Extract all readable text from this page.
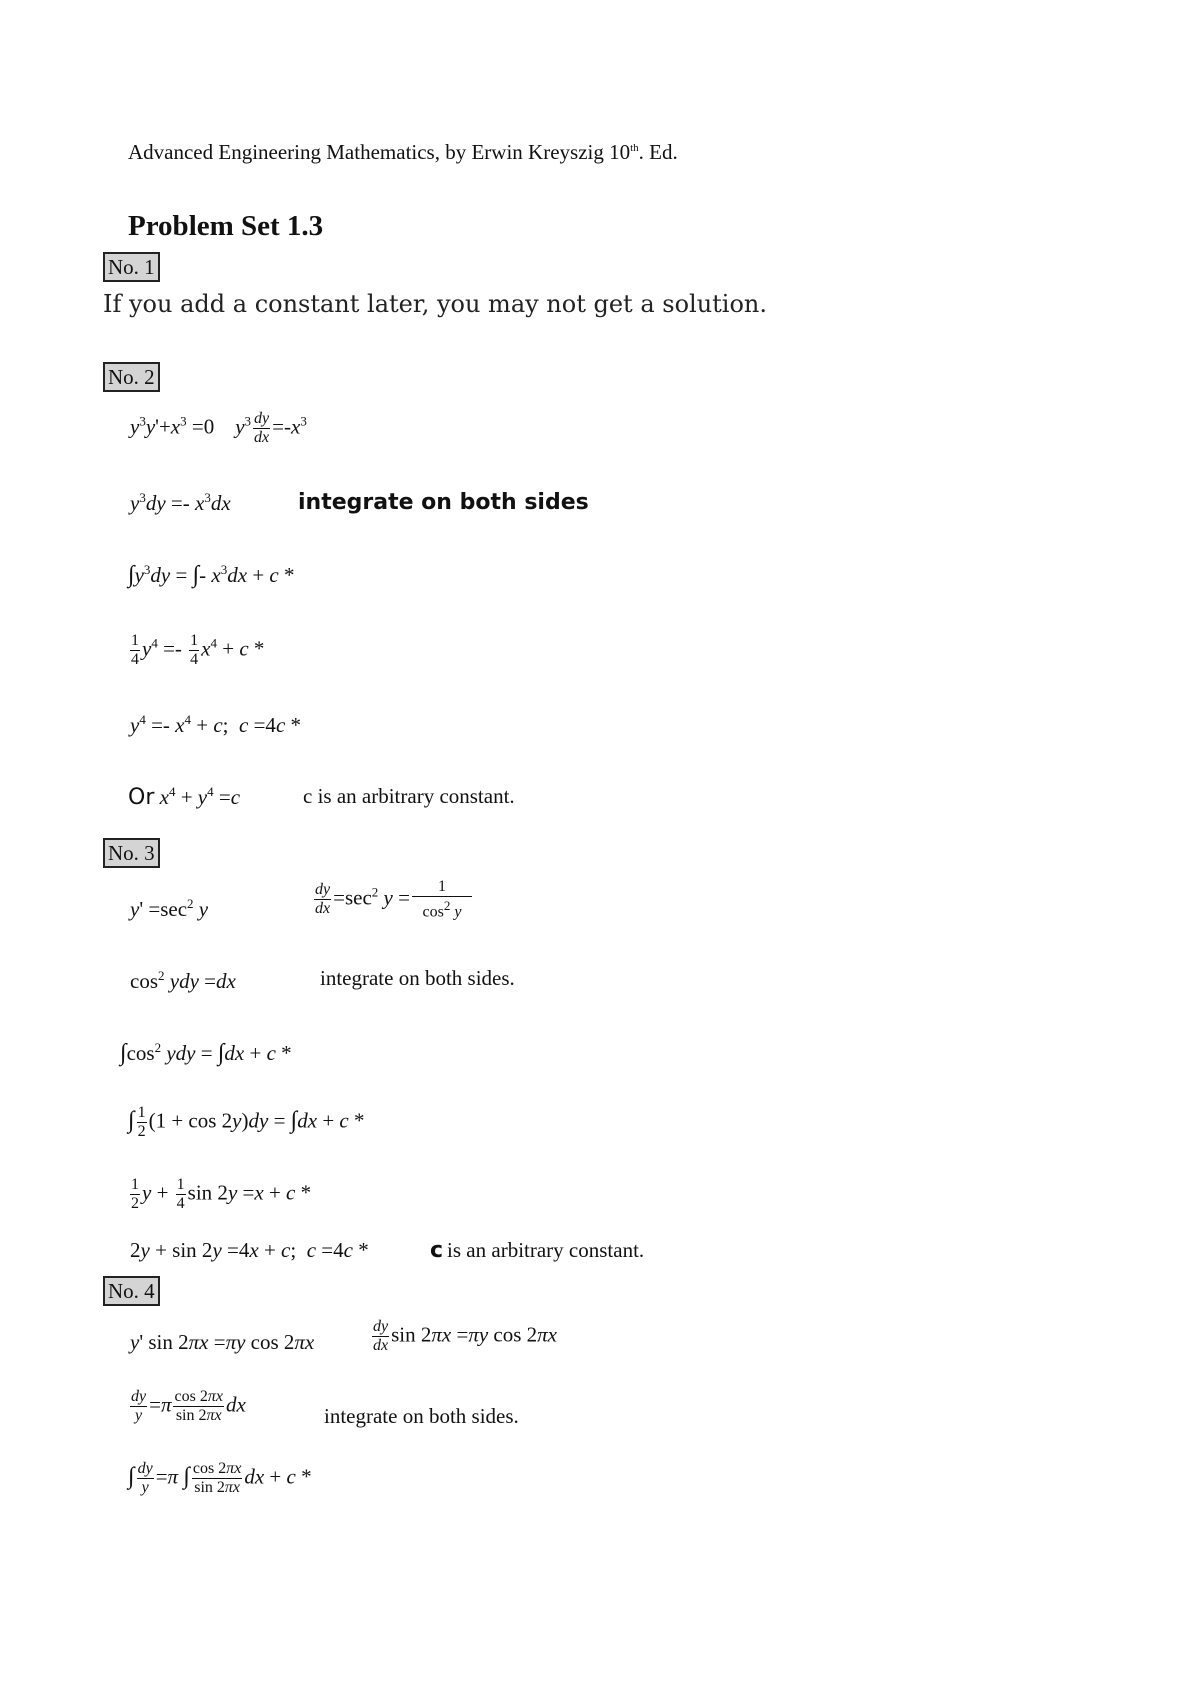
Advanced Engineering Mathematics, by Erwin Kreyszig 10th. Ed.
Problem Set 1.3
No. 1
If you add a constant later, you may not get a solution.
No. 2
$y^3y'+x^3 =0$    $y^3 \frac{dy}{dx} =-x^3$
$y^3dy =- x^3dx$	integrate on both sides
$\int y^3dy$ = ∫- $x^3dx + c$ *
$\frac{1}{4} y^4 =- \frac{1}{4} x^4 + c$ *
$y^4 =- x^4 + c$;  c =4c *
Or $x^4 + y^4 =c$	c is an arbitrary constant.
No. 3
$y' =\sec^2$ y	$\frac{dy}{dx} =\sec^2$ $y = \frac{1}{\cos^2 y}$
$\cos^2$ ydy =dx	integrate on both sides.
$\int\cos^2$ ydy = ∫dx + c *
∫ $\frac{1}{2} (1 + \cos 2y)dy = \int dx + c$ *
$\frac{1}{2}$ $y + \frac{1}{4}$ sin 2y =x + c *
2y + sin 2y =4x + c;  c =4c *	c is an arbitrary constant.
No. 4
y' sin 2πx =πy cos 2πx	$\frac{dy}{dx}$ sin 2πx =πy cos 2πx
$\frac{dy}{y} =\pi \frac{\cos 2\pi x}{\sin 2\pi x}$ dx	integrate on both sides.
∫ $\frac{dy}{y} =\pi$ ∫ $\frac{\cos 2\pi x}{\sin 2\pi x}$ dx + c *
